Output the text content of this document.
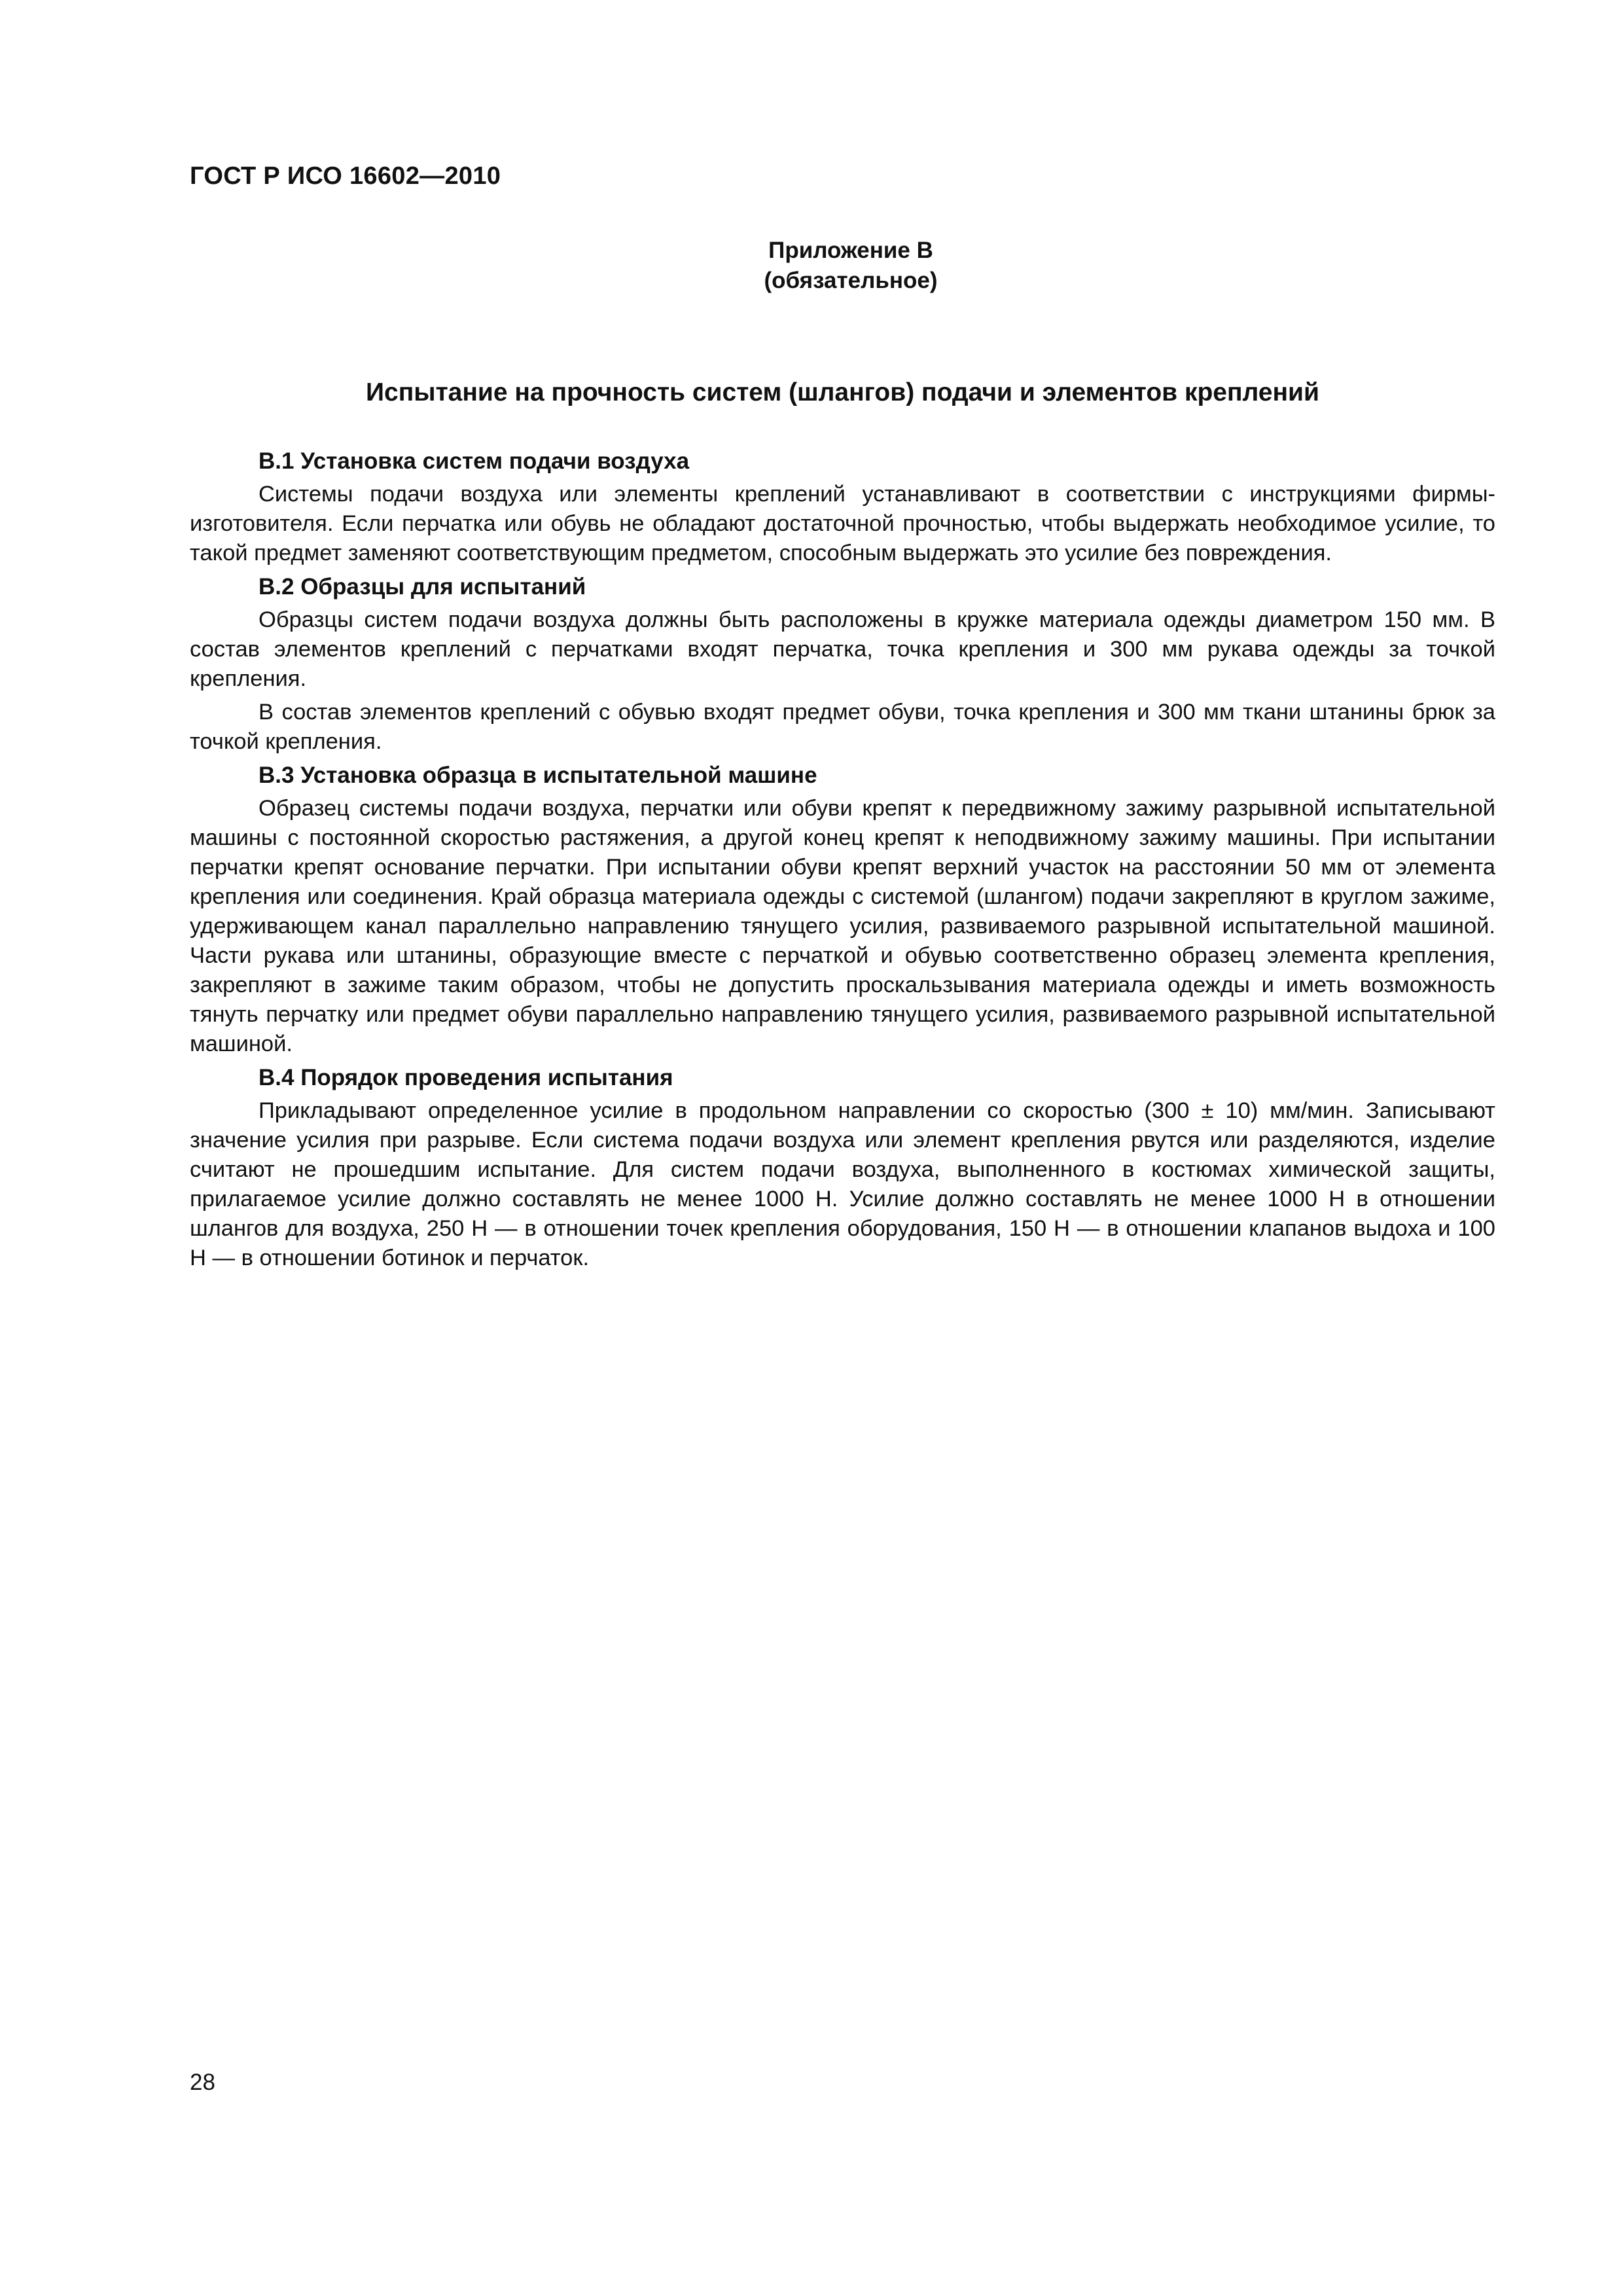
ГОСТ Р ИСО 16602—2010
Приложение В
(обязательное)
Испытание на прочность систем (шлангов) подачи и элементов креплений
В.1 Установка систем подачи воздуха

Системы подачи воздуха или элементы креплений устанавливают в соответствии с инструкциями фирмы-изготовителя. Если перчатка или обувь не обладают достаточной прочностью, чтобы выдержать необходимое усилие, то такой предмет заменяют соответствующим предметом, способным выдержать это усилие без повреждения.

В.2 Образцы для испытаний

Образцы систем подачи воздуха должны быть расположены в кружке материала одежды диаметром 150 мм. В состав элементов креплений с перчатками входят перчатка, точка крепления и 300 мм рукава одежды за точкой крепления.

В состав элементов креплений с обувью входят предмет обуви, точка крепления и 300 мм ткани штанины брюк за точкой крепления.

В.3 Установка образца в испытательной машине

Образец системы подачи воздуха, перчатки или обуви крепят к передвижному зажиму разрывной испытательной машины с постоянной скоростью растяжения, а другой конец крепят к неподвижному зажиму машины. При испытании перчатки крепят основание перчатки. При испытании обуви крепят верхний участок на расстоянии 50 мм от элемента крепления или соединения. Край образца материала одежды с системой (шлангом) подачи закрепляют в круглом зажиме, удерживающем канал параллельно направлению тянущего усилия, развиваемого разрывной испытательной машиной. Части рукава или штанины, образующие вместе с перчаткой и обувью соответственно образец элемента крепления, закрепляют в зажиме таким образом, чтобы не допустить проскальзывания материала одежды и иметь возможность тянуть перчатку или предмет обуви параллельно направлению тянущего усилия, развиваемого разрывной испытательной машиной.

В.4 Порядок проведения испытания

Прикладывают определенное усилие в продольном направлении со скоростью (300 ± 10) мм/мин. Записывают значение усилия при разрыве. Если система подачи воздуха или элемент крепления рвутся или разделяются, изделие считают не прошедшим испытание. Для систем подачи воздуха, выполненного в костюмах химической защиты, прилагаемое усилие должно составлять не менее 1000 Н. Усилие должно составлять не менее 1000 Н в отношении шлангов для воздуха, 250 Н — в отношении точек крепления оборудования, 150 Н — в отношении клапанов выдоха и 100 Н — в отношении ботинок и перчаток.

28
